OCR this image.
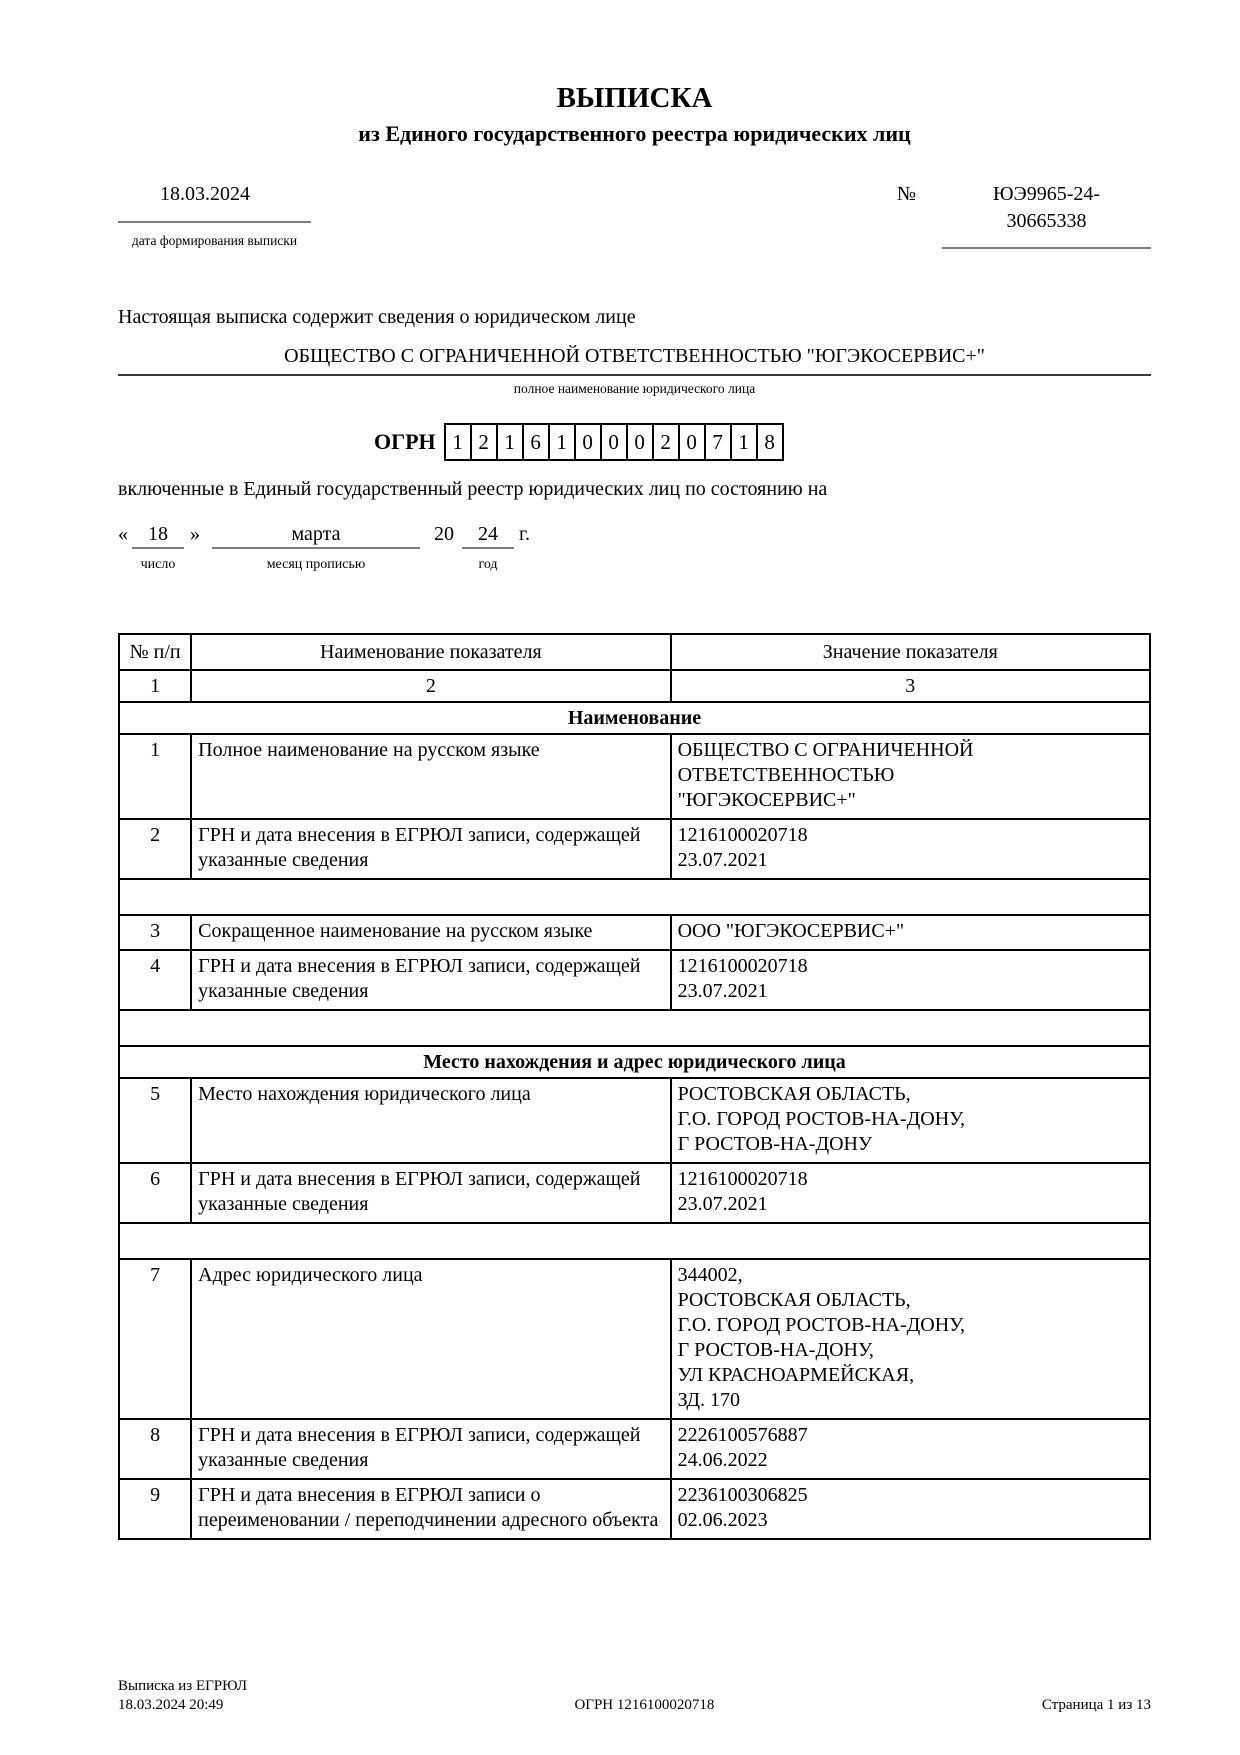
ВЫПИСКА
из Единого государственного реестра юридических лиц
18.03.2024
дата формирования выписки
№	ЮЭ9965-24-
30665338
Настоящая выписка содержит сведения о юридическом лице
ОБЩЕСТВО С ОГРАНИЧЕННОЙ ОТВЕТСТВЕННОСТЬЮ "ЮГЭКОСЕРВИС+"
полное наименование юридического лица
ОГРН 1 2 1 6 1 0 0 0 2 0 7 1 8
включенные в Единый государственный реестр юридических лиц по состоянию на
«	18
число
»	марта
месяц прописью
20	24
год
г.
№ п/п	Наименование показателя	Значение показателя
1	2	3
Наименование		
1	Полное наименование на русском языке	ОБЩЕСТВО С ОГРАНИЧЕННОЙ
ОТВЕТСТВЕННОСТЬЮ
"ЮГЭКОСЕРВИС+"

2	ГРН и дата внесения в ЕГРЮЛ записи, содержащей указанные сведения	1216100020718
23.07.2021

3	Сокращенное наименование на русском языке	ООО "ЮГЭКОСЕРВИС+"

4	ГРН и дата внесения в ЕГРЮЛ записи, содержащей указанные сведения	1216100020718
23.07.2021

Место нахождения и адрес юридического лица		
5	Место нахождения юридического лица	РОСТОВСКАЯ ОБЛАСТЬ,
Г.О. ГОРОД РОСТОВ-НА-ДОНУ,
Г РОСТОВ-НА-ДОНУ

6	ГРН и дата внесения в ЕГРЮЛ записи, содержащей указанные сведения	1216100020718
23.07.2021

7	Адрес юридического лица	344002,
РОСТОВСКАЯ ОБЛАСТЬ,
Г.О. ГОРОД РОСТОВ-НА-ДОНУ,
Г РОСТОВ-НА-ДОНУ,
УЛ КРАСНОАРМЕЙСКАЯ,
ЗД. 170

8	ГРН и дата внесения в ЕГРЮЛ записи, содержащей указанные сведения	2226100576887
24.06.2022

9	ГРН и дата внесения в ЕГРЮЛ записи о переименовании / переподчинении адресного объекта	2236100306825
02.06.2023
Выписка из ЕГРЮЛ
18.03.2024 20:49	ОГРН 1216100020718	Страница 1 из 13
